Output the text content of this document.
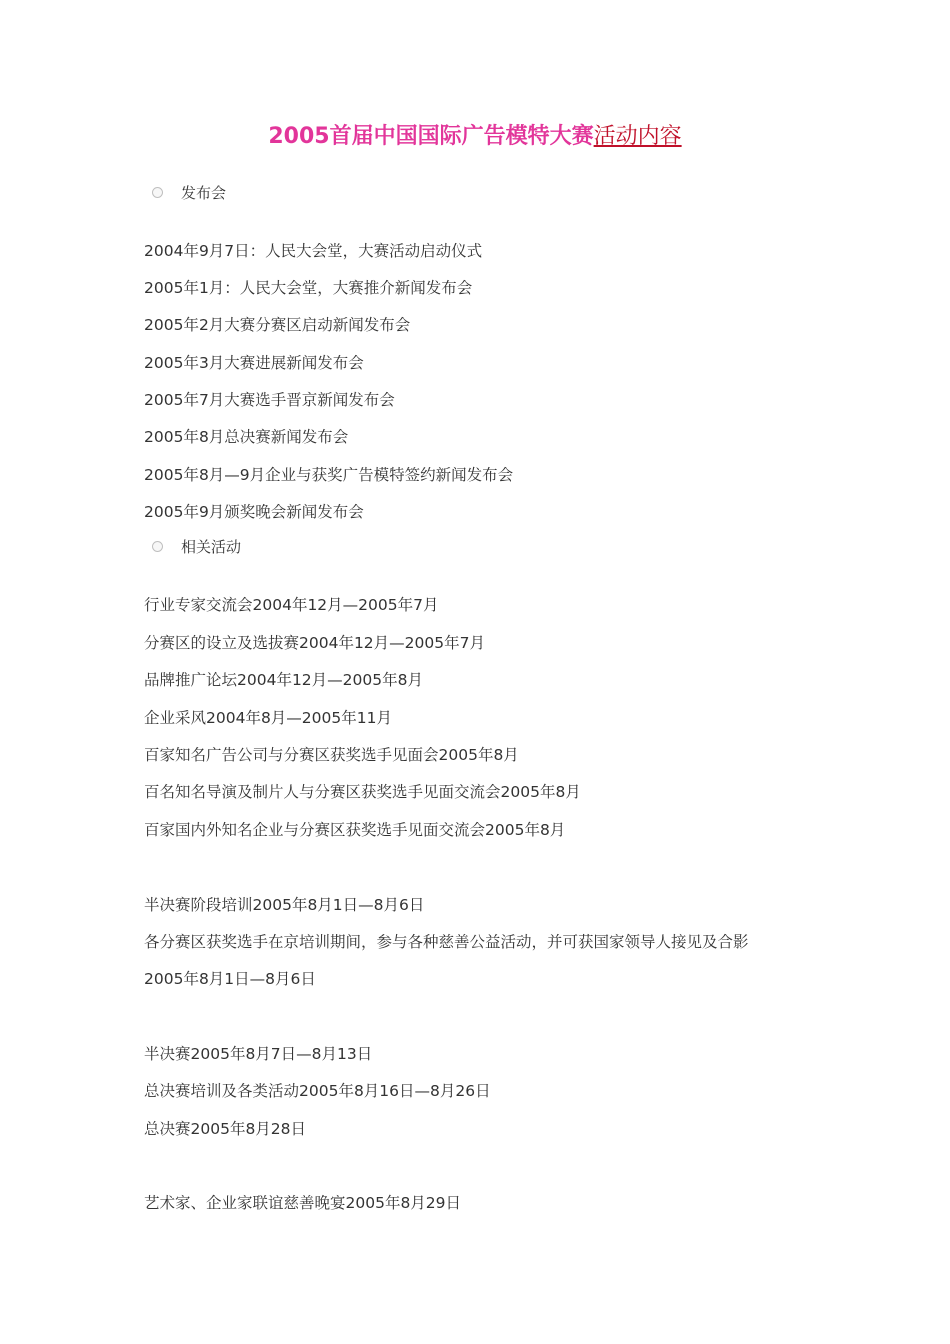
2005首届中国国际广告模特大赛活动内容
发布会
2004年9月7日：人民大会堂，大赛活动启动仪式
2005年1月：人民大会堂，大赛推介新闻发布会
2005年2月大赛分赛区启动新闻发布会
2005年3月大赛进展新闻发布会
2005年7月大赛选手晋京新闻发布会
2005年8月总决赛新闻发布会
2005年8月—9月企业与获奖广告模特签约新闻发布会
2005年9月颁奖晚会新闻发布会
相关活动
行业专家交流会2004年12月—2005年7月
分赛区的设立及选拔赛2004年12月—2005年7月
品牌推广论坛2004年12月—2005年8月
企业采风2004年8月—2005年11月
百家知名广告公司与分赛区获奖选手见面会2005年8月
百名知名导演及制片人与分赛区获奖选手见面交流会2005年8月
百家国内外知名企业与分赛区获奖选手见面交流会2005年8月
半决赛阶段培训2005年8月1日—8月6日
各分赛区获奖选手在京培训期间，参与各种慈善公益活动，并可获国家领导人接见及合影
2005年8月1日—8月6日
半决赛2005年8月7日—8月13日
总决赛培训及各类活动2005年8月16日—8月26日
总决赛2005年8月28日
艺术家、企业家联谊慈善晚宴2005年8月29日
